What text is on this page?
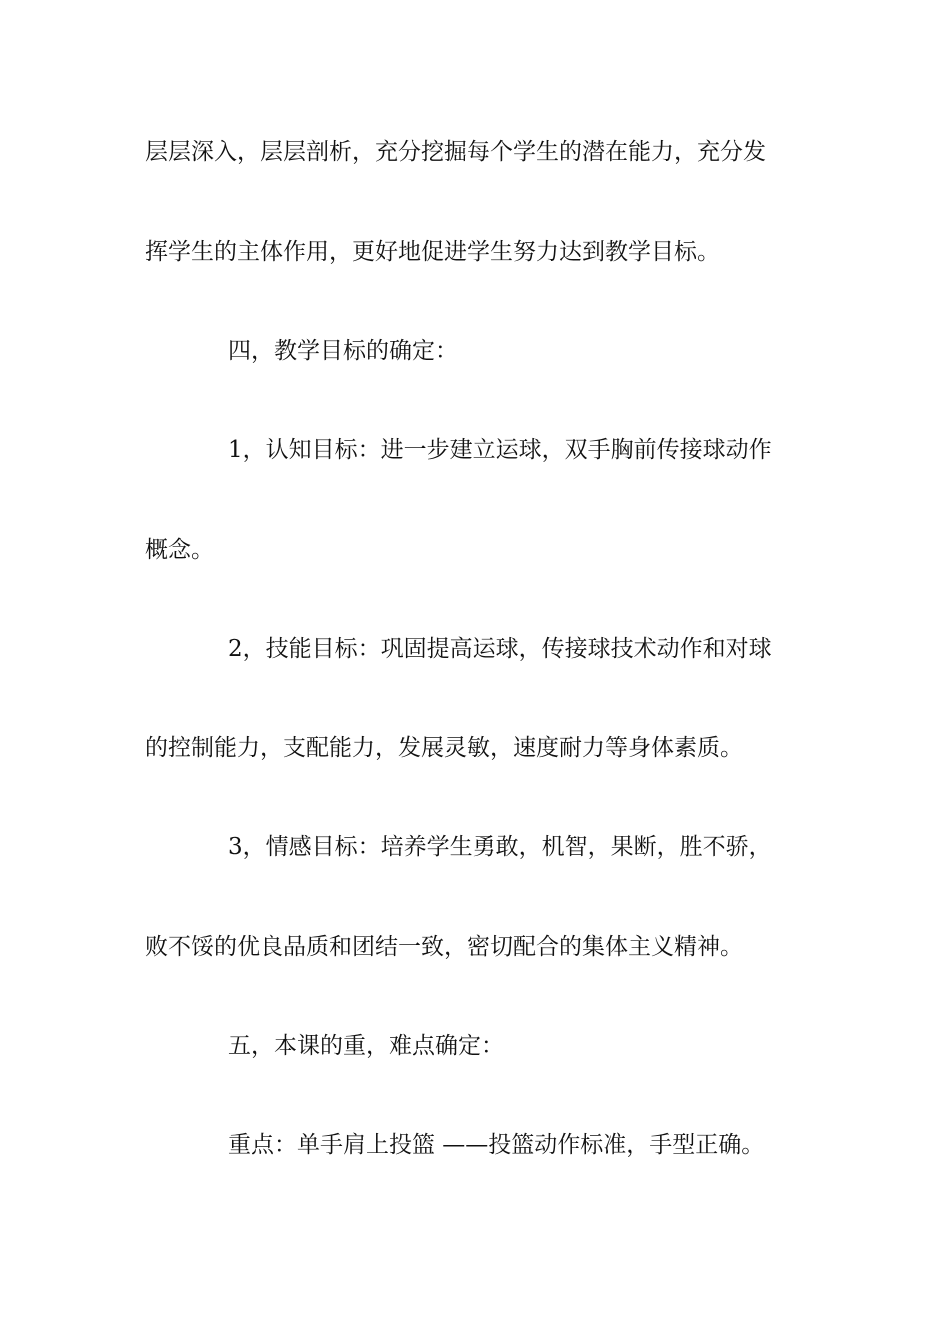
层层深入，层层剖析，充分挖掘每个学生的潜在能力，充分发

挥学生的主体作用，更好地促进学生努力达到教学目标。

四，教学目标的确定：

1，认知目标：进一步建立运球，双手胸前传接球动作

概念。

2，技能目标：巩固提高运球，传接球技术动作和对球

的控制能力，支配能力，发展灵敏，速度耐力等身体素质。

3，情感目标：培养学生勇敢，机智，果断，胜不骄，

败不馁的优良品质和团结一致，密切配合的集体主义精神。

五，本课的重，难点确定：

重点：单手肩上投篮 ——投篮动作标准，手型正确。
